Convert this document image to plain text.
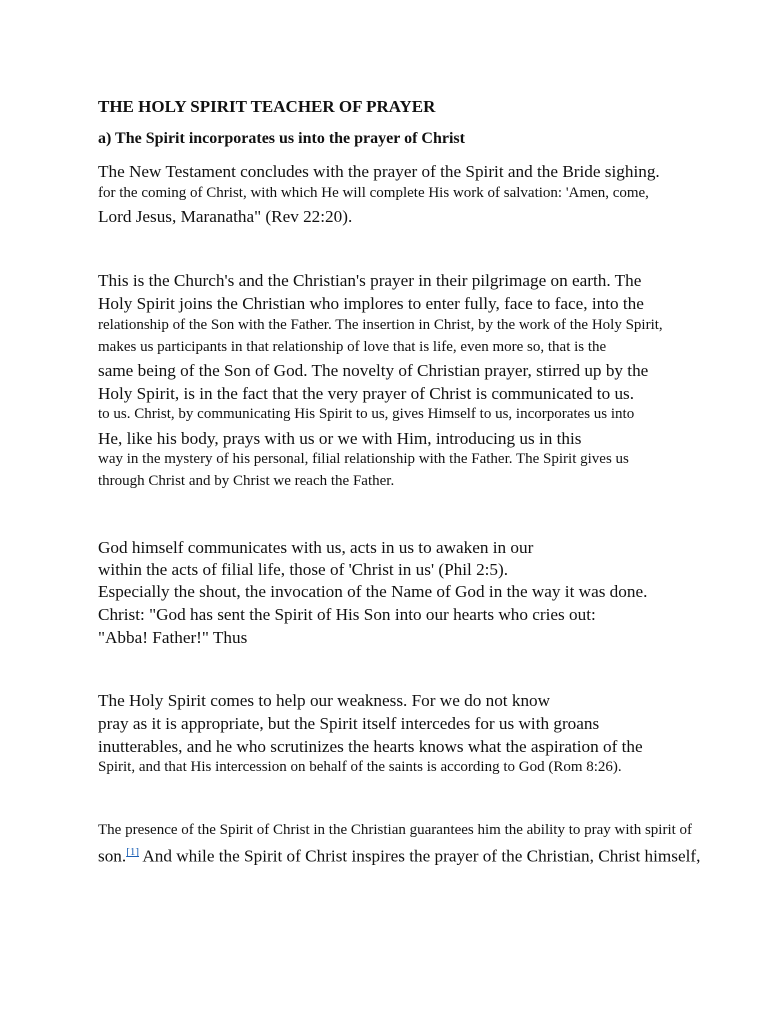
THE HOLY SPIRIT TEACHER OF PRAYER
a) The Spirit incorporates us into the prayer of Christ
The New Testament concludes with the prayer of the Spirit and the Bride sighing.
for the coming of Christ, with which He will complete His work of salvation: 'Amen, come,
Lord Jesus, Maranatha" (Rev 22:20).
This is the Church's and the Christian's prayer in their pilgrimage on earth. The
Holy Spirit joins the Christian who implores to enter fully, face to face, into the
relationship of the Son with the Father. The insertion in Christ, by the work of the Holy Spirit,
makes us participants in that relationship of love that is life, even more so, that is the
same being of the Son of God. The novelty of Christian prayer, stirred up by the
Holy Spirit, is in the fact that the very prayer of Christ is communicated to us.
to us. Christ, by communicating His Spirit to us, gives Himself to us, incorporates us into
He, like his body, prays with us or we with Him, introducing us in this
way in the mystery of his personal, filial relationship with the Father. The Spirit gives us
through Christ and by Christ we reach the Father.
God himself communicates with us, acts in us to awaken in our
within the acts of filial life, those of 'Christ in us' (Phil 2:5).
Especially the shout, the invocation of the Name of God in the way it was done.
Christ: "God has sent the Spirit of His Son into our hearts who cries out:
"Abba! Father!" Thus
The Holy Spirit comes to help our weakness. For we do not know
pray as it is appropriate, but the Spirit itself intercedes for us with groans
inutterables, and he who scrutinizes the hearts knows what the aspiration of the
Spirit, and that His intercession on behalf of the saints is according to God (Rom 8:26).
The presence of the Spirit of Christ in the Christian guarantees him the ability to pray with spirit of
son.[1] And while the Spirit of Christ inspires the prayer of the Christian, Christ himself,
